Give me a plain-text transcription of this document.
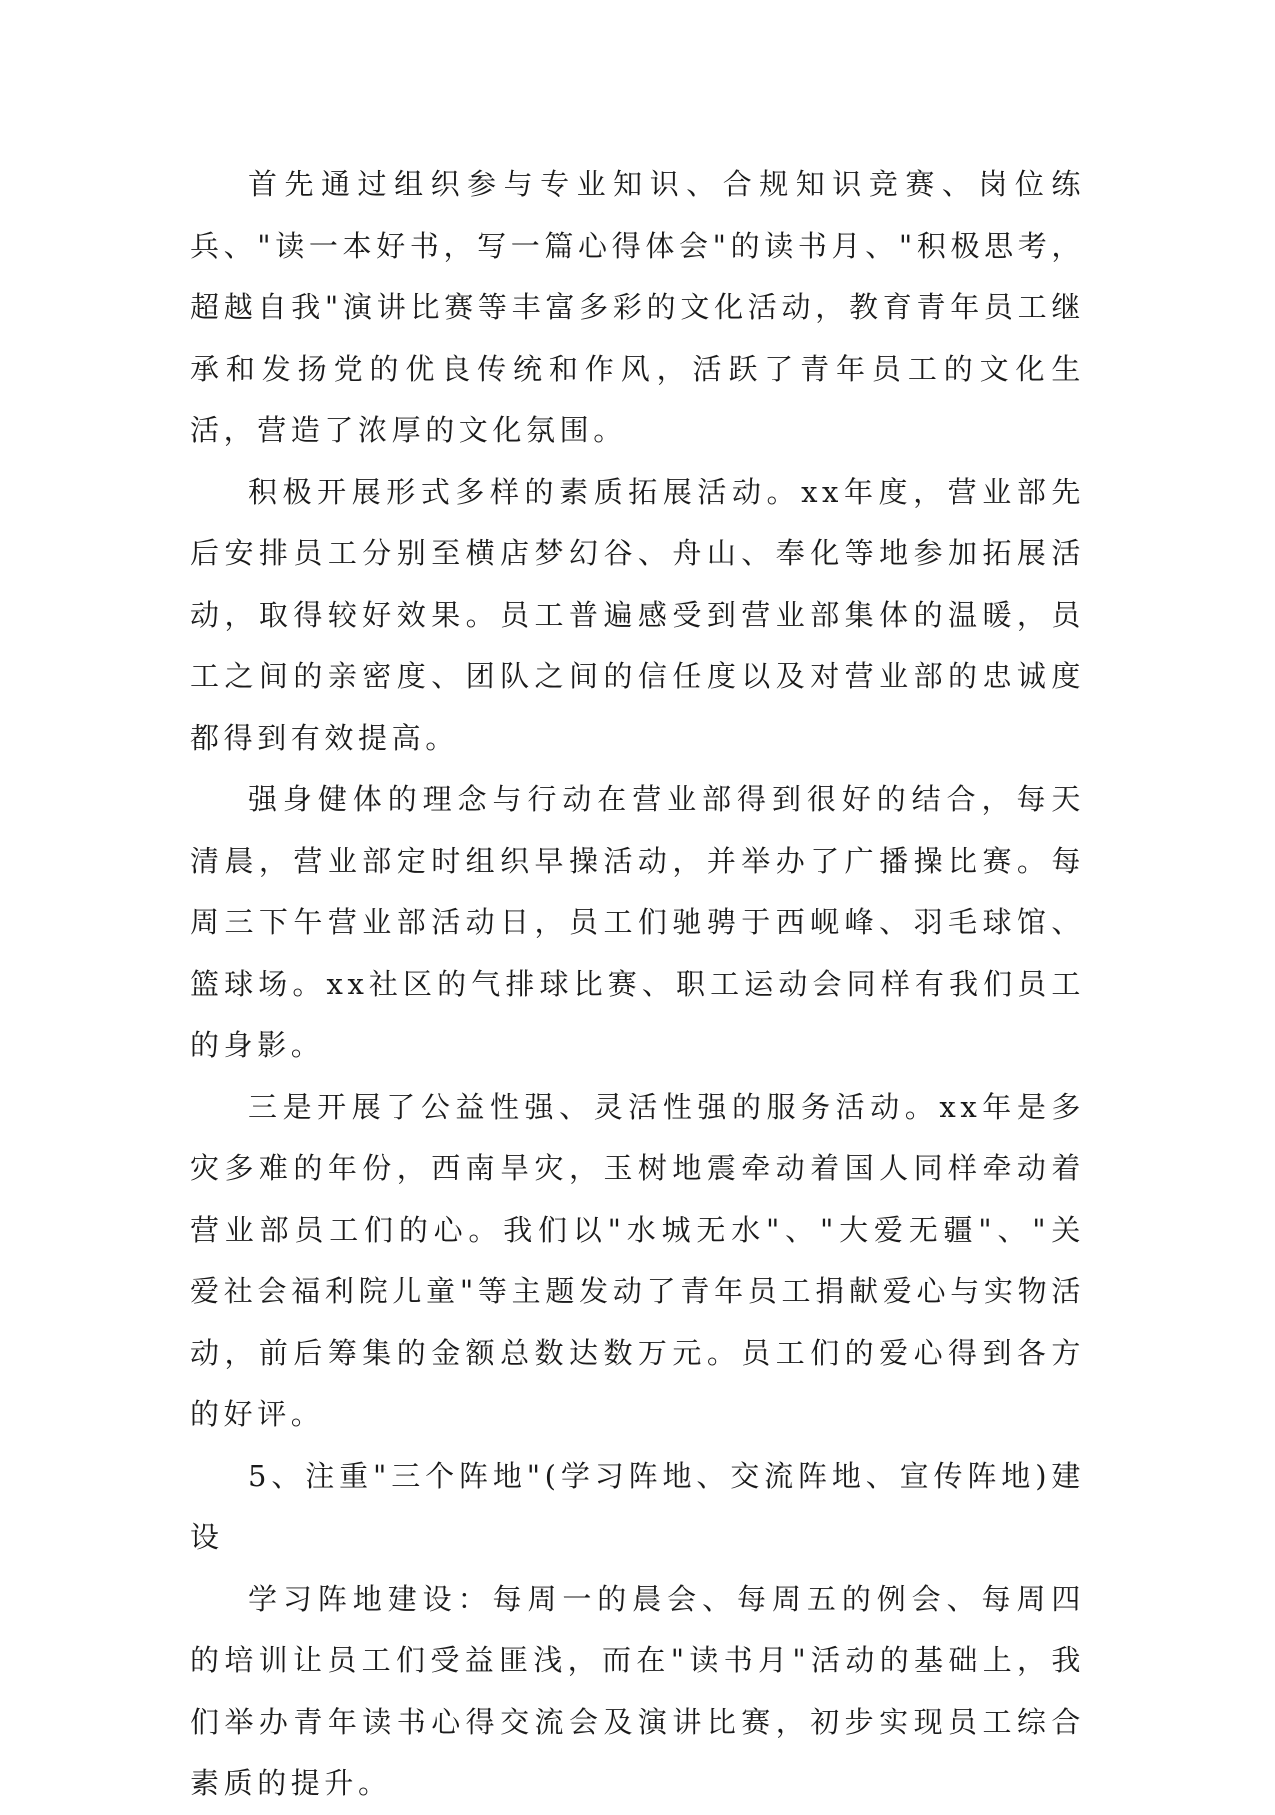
首先通过组织参与专业知识、合规知识竞赛、岗位练兵、"读一本好书，写一篇心得体会"的读书月、"积极思考，超越自我"演讲比赛等丰富多彩的文化活动，教育青年员工继承和发扬党的优良传统和作风，活跃了青年员工的文化生活，营造了浓厚的文化氛围。

积极开展形式多样的素质拓展活动。xx年度，营业部先后安排员工分别至横店梦幻谷、舟山、奉化等地参加拓展活动，取得较好效果。员工普遍感受到营业部集体的温暖，员工之间的亲密度、团队之间的信任度以及对营业部的忠诚度都得到有效提高。

强身健体的理念与行动在营业部得到很好的结合，每天清晨，营业部定时组织早操活动，并举办了广播操比赛。每周三下午营业部活动日，员工们驰骋于西岘峰、羽毛球馆、篮球场。xx社区的气排球比赛、职工运动会同样有我们员工的身影。

三是开展了公益性强、灵活性强的服务活动。xx年是多灾多难的年份，西南旱灾，玉树地震牵动着国人同样牵动着营业部员工们的心。我们以"水城无水"、"大爱无疆"、"关爱社会福利院儿童"等主题发动了青年员工捐献爱心与实物活动，前后筹集的金额总数达数万元。员工们的爱心得到各方的好评。

5、注重"三个阵地"(学习阵地、交流阵地、宣传阵地)建设

学习阵地建设：每周一的晨会、每周五的例会、每周四的培训让员工们受益匪浅，而在"读书月"活动的基础上，我们举办青年读书心得交流会及演讲比赛，初步实现员工综合素质的提升。
